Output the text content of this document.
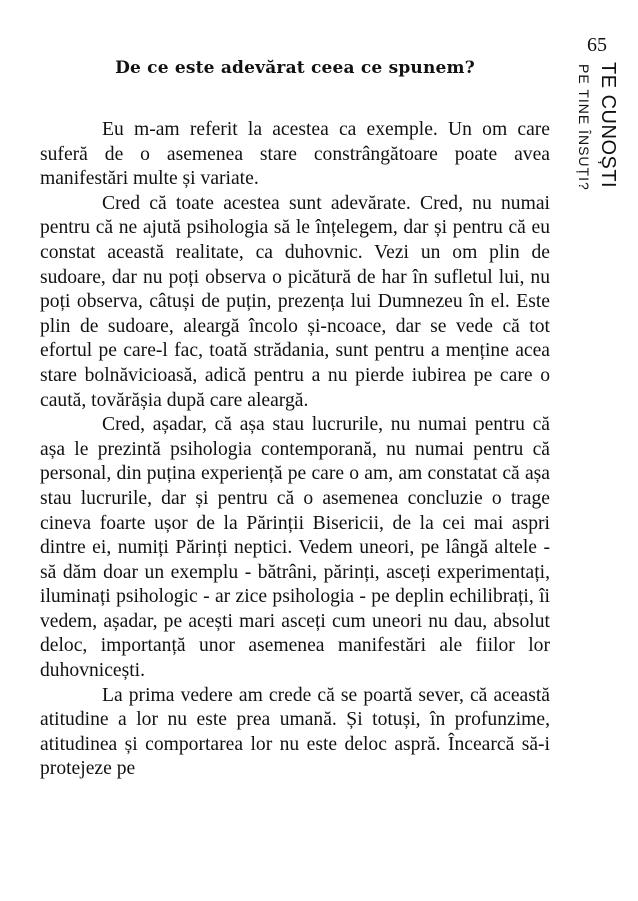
65
TE CUNOȘTI
PE TINE ÎNSUȚI?
De ce este adevărat ceea ce spunem?

Eu m-am referit la acestea ca exemple. Un om care suferă de o asemenea stare constrângătoare poate avea manifestări multe și variate.

Cred că toate acestea sunt adevărate. Cred, nu numai pentru că ne ajută psihologia să le înțelegem, dar și pentru că eu constat această realitate, ca duhovnic. Vezi un om plin de sudoare, dar nu poți observa o picătură de har în sufletul lui, nu poți observa, câtuși de puțin, prezența lui Dumnezeu în el. Este plin de sudoare, aleargă încolo și-ncoace, dar se vede că tot efortul pe care-l fac, toată strădania, sunt pentru a menține acea stare bolnăvicioasă, adică pentru a nu pierde iubirea pe care o caută, tovărășia după care aleargă.

Cred, așadar, că așa stau lucrurile, nu numai pentru că așa le prezintă psihologia contemporană, nu numai pentru că personal, din puțina experiență pe care o am, am constatat că așa stau lucrurile, dar și pentru că o asemenea concluzie o trage cineva foarte ușor de la Părinții Bisericii, de la cei mai aspri dintre ei, numiți Părinți neptici. Vedem uneori, pe lângă altele - să dăm doar un exemplu - bătrâni, părinți, asceți experimentați, iluminați psihologic - ar zice psihologia - pe deplin echilibrați, îi vedem, așadar, pe acești mari asceți cum uneori nu dau, absolut deloc, importanță unor asemenea manifestări ale fiilor lor duhovnicești.

La prima vedere am crede că se poartă sever, că această atitudine a lor nu este prea umană. Și totuși, în profunzime, atitudinea și comportarea lor nu este deloc aspră. Încearcă să-i protejeze pe
